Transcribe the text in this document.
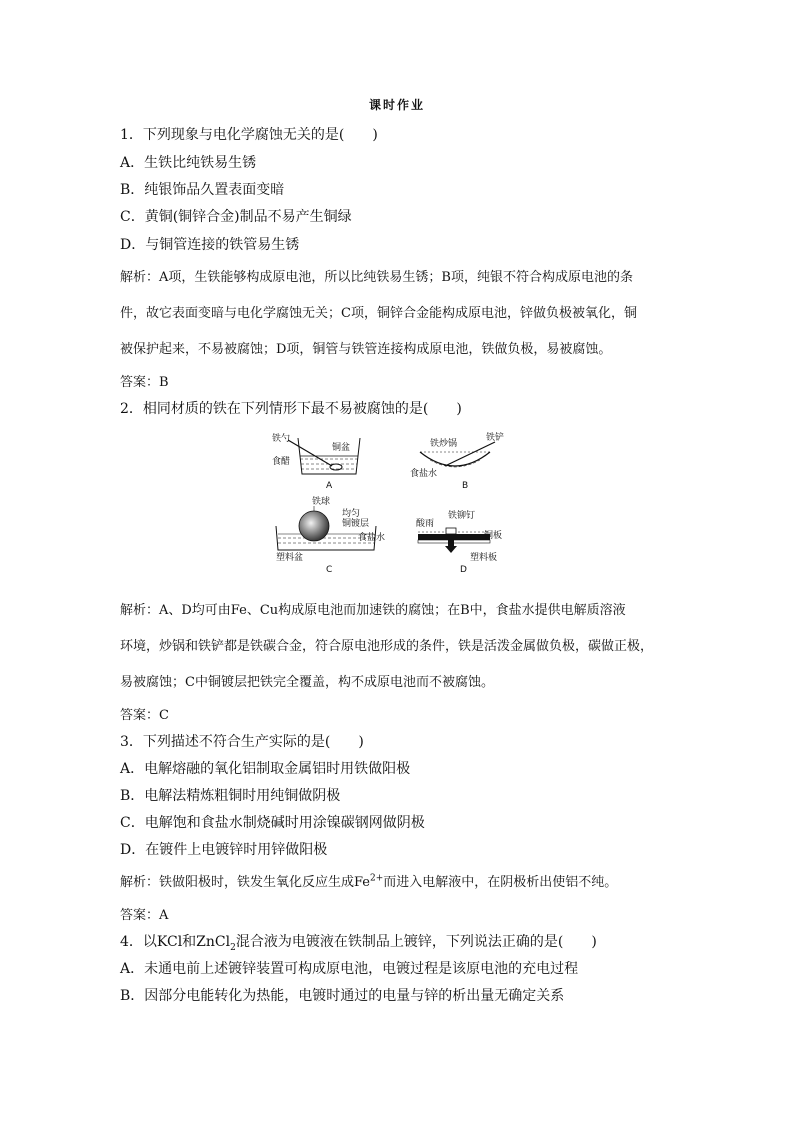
课时作业
1．下列现象与电化学腐蚀无关的是(　　)
A．生铁比纯铁易生锈
B．纯银饰品久置表面变暗
C．黄铜(铜锌合金)制品不易产生铜绿
D．与铜管连接的铁管易生锈
解析：A项，生铁能够构成原电池，所以比纯铁易生锈；B项，纯银不符合构成原电池的条
件，故它表面变暗与电化学腐蚀无关；C项，铜锌合金能构成原电池，锌做负极被氧化，铜
被保护起来，不易被腐蚀；D项，铜管与铁管连接构成原电池，铁做负极，易被腐蚀。
答案：B
2．相同材质的铁在下列情形下最不易被腐蚀的是(　　)
铁勺
铜盆
食醋
A
铁炒锅
铁铲
食盐水
B
铁球
均匀
铜镀层
食盐水
塑料盆
C
酸雨
铁铆钉
铜板
塑料板
D
解析：A、D均可由Fe、Cu构成原电池而加速铁的腐蚀；在B中，食盐水提供电解质溶液
环境，炒锅和铁铲都是铁碳合金，符合原电池形成的条件，铁是活泼金属做负极，碳做正极，
易被腐蚀；C中铜镀层把铁完全覆盖，构不成原电池而不被腐蚀。
答案：C
3．下列描述不符合生产实际的是(　　)
A．电解熔融的氧化铝制取金属铝时用铁做阳极
B．电解法精炼粗铜时用纯铜做阴极
C．电解饱和食盐水制烧碱时用涂镍碳钢网做阴极
D．在镀件上电镀锌时用锌做阳极
解析：铁做阳极时，铁发生氧化反应生成$Fe^{2+}$而进入电解液中，在阴极析出使铝不纯。
答案：A
4．以KCl和ZnCl$_2$混合液为电镀液在铁制品上镀锌，下列说法正确的是(　　)
A．未通电前上述镀锌装置可构成原电池，电镀过程是该原电池的充电过程
B．因部分电能转化为热能，电镀时通过的电量与锌的析出量无确定关系
